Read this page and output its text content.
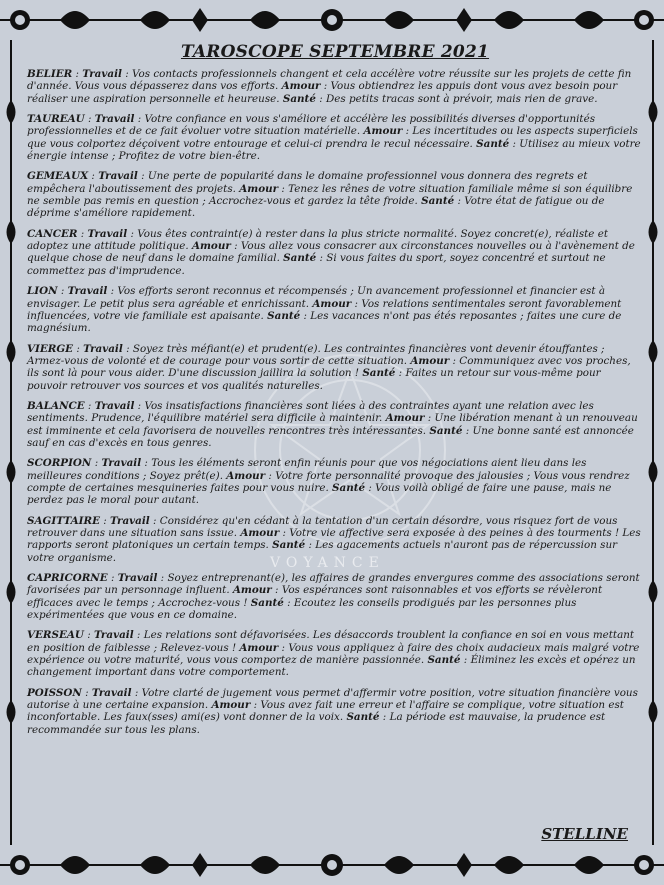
VOYANCE
TAROSCOPE SEPTEMBRE 2021

BELIER : Travail : Vos contacts professionnels changent et cela accélère votre réussite sur les projets de cette fin d'année. Vous vous dépasserez dans vos efforts. Amour : Vous obtiendrez les appuis dont vous avez besoin pour réaliser une aspiration personnelle et heureuse. Santé : Des petits tracas sont à prévoir, mais rien de grave.

TAUREAU : Travail : Votre confiance en vous s'améliore et accélère les possibilités diverses d'opportunités professionnelles et de ce fait évoluer votre situation matérielle. Amour : Les incertitudes ou les aspects superficiels que vous colportez déçoivent votre entourage et celui-ci prendra le recul nécessaire. Santé : Utilisez au mieux votre énergie intense ; Profitez de votre bien-être.

GEMEAUX : Travail : Une perte de popularité dans le domaine professionnel vous donnera des regrets et empêchera l'aboutissement des projets. Amour : Tenez les rênes de votre situation familiale même si son équilibre ne semble pas remis en question ; Accrochez-vous et gardez la tête froide. Santé : Votre état de fatigue ou de déprime s'améliore rapidement.

CANCER : Travail : Vous êtes contraint(e) à rester dans la plus stricte normalité. Soyez concret(e), réaliste et adoptez une attitude politique. Amour : Vous allez vous consacrer aux circonstances nouvelles ou à l'avènement de quelque chose de neuf dans le domaine familial. Santé : Si vous faites du sport, soyez concentré et surtout ne commettez pas d'imprudence.

LION : Travail : Vos efforts seront reconnus et récompensés ; Un avancement professionnel et financier est à envisager. Le petit plus sera agréable et enrichissant. Amour : Vos relations sentimentales seront favorablement influencées, votre vie familiale est apaisante. Santé : Les vacances n'ont pas étés reposantes ; faites une cure de magnésium.

VIERGE : Travail : Soyez très méfiant(e) et prudent(e). Les contraintes financières vont devenir étouffantes ; Armez-vous de volonté et de courage pour vous sortir de cette situation. Amour : Communiquez avec vos proches, ils sont là pour vous aider. D'une discussion jaillira la solution ! Santé : Faites un retour sur vous-même pour pouvoir retrouver vos sources et vos qualités naturelles.

BALANCE : Travail : Vos insatisfactions financières sont liées à des contraintes ayant une relation avec les sentiments. Prudence, l'équilibre matériel sera difficile à maintenir. Amour : Une libération menant à un renouveau est imminente et cela favorisera de nouvelles rencontres très intéressantes. Santé : Une bonne santé est annoncée sauf en cas d'excès en tous genres.

SCORPION : Travail : Tous les éléments seront enfin réunis pour que vos négociations aient lieu dans les meilleures conditions ; Soyez prêt(e). Amour : Votre forte personnalité provoque des jalousies ; Vous vous rendrez compte de certaines mesquineries faites pour vous nuire. Santé : Vous voilà obligé de faire une pause, mais ne perdez pas le moral pour autant.

SAGITTAIRE : Travail : Considérez qu'en cédant à la tentation d'un certain désordre, vous risquez fort de vous retrouver dans une situation sans issue. Amour : Votre vie affective sera exposée à des peines à des tourments ! Les rapports seront platoniques un certain temps. Santé : Les agacements actuels n'auront pas de répercussion sur votre organisme.

CAPRICORNE : Travail : Soyez entreprenant(e), les affaires de grandes envergures comme des associations seront favorisées par un personnage influent. Amour : Vos espérances sont raisonnables et vos efforts se révèleront efficaces avec le temps ; Accrochez-vous ! Santé : Ecoutez les conseils prodigués par les personnes plus expérimentées que vous en ce domaine.

VERSEAU : Travail : Les relations sont défavorisées. Les désaccords troublent la confiance en soi en vous mettant en position de faiblesse ; Relevez-vous ! Amour : Vous vous appliquez à faire des choix audacieux mais malgré votre expérience ou votre maturité, vous vous comportez de manière passionnée. Santé : Éliminez les excès et opérez un changement important dans votre comportement.

POISSON : Travail : Votre clarté de jugement vous permet d'affermir votre position, votre situation financière vous autorise à une certaine expansion. Amour : Vous avez fait une erreur et l'affaire se complique, votre situation est inconfortable. Les faux(sses) ami(es) vont donner de la voix. Santé : La période est mauvaise, la prudence est recommandée sur tous les plans.

STELLINE
